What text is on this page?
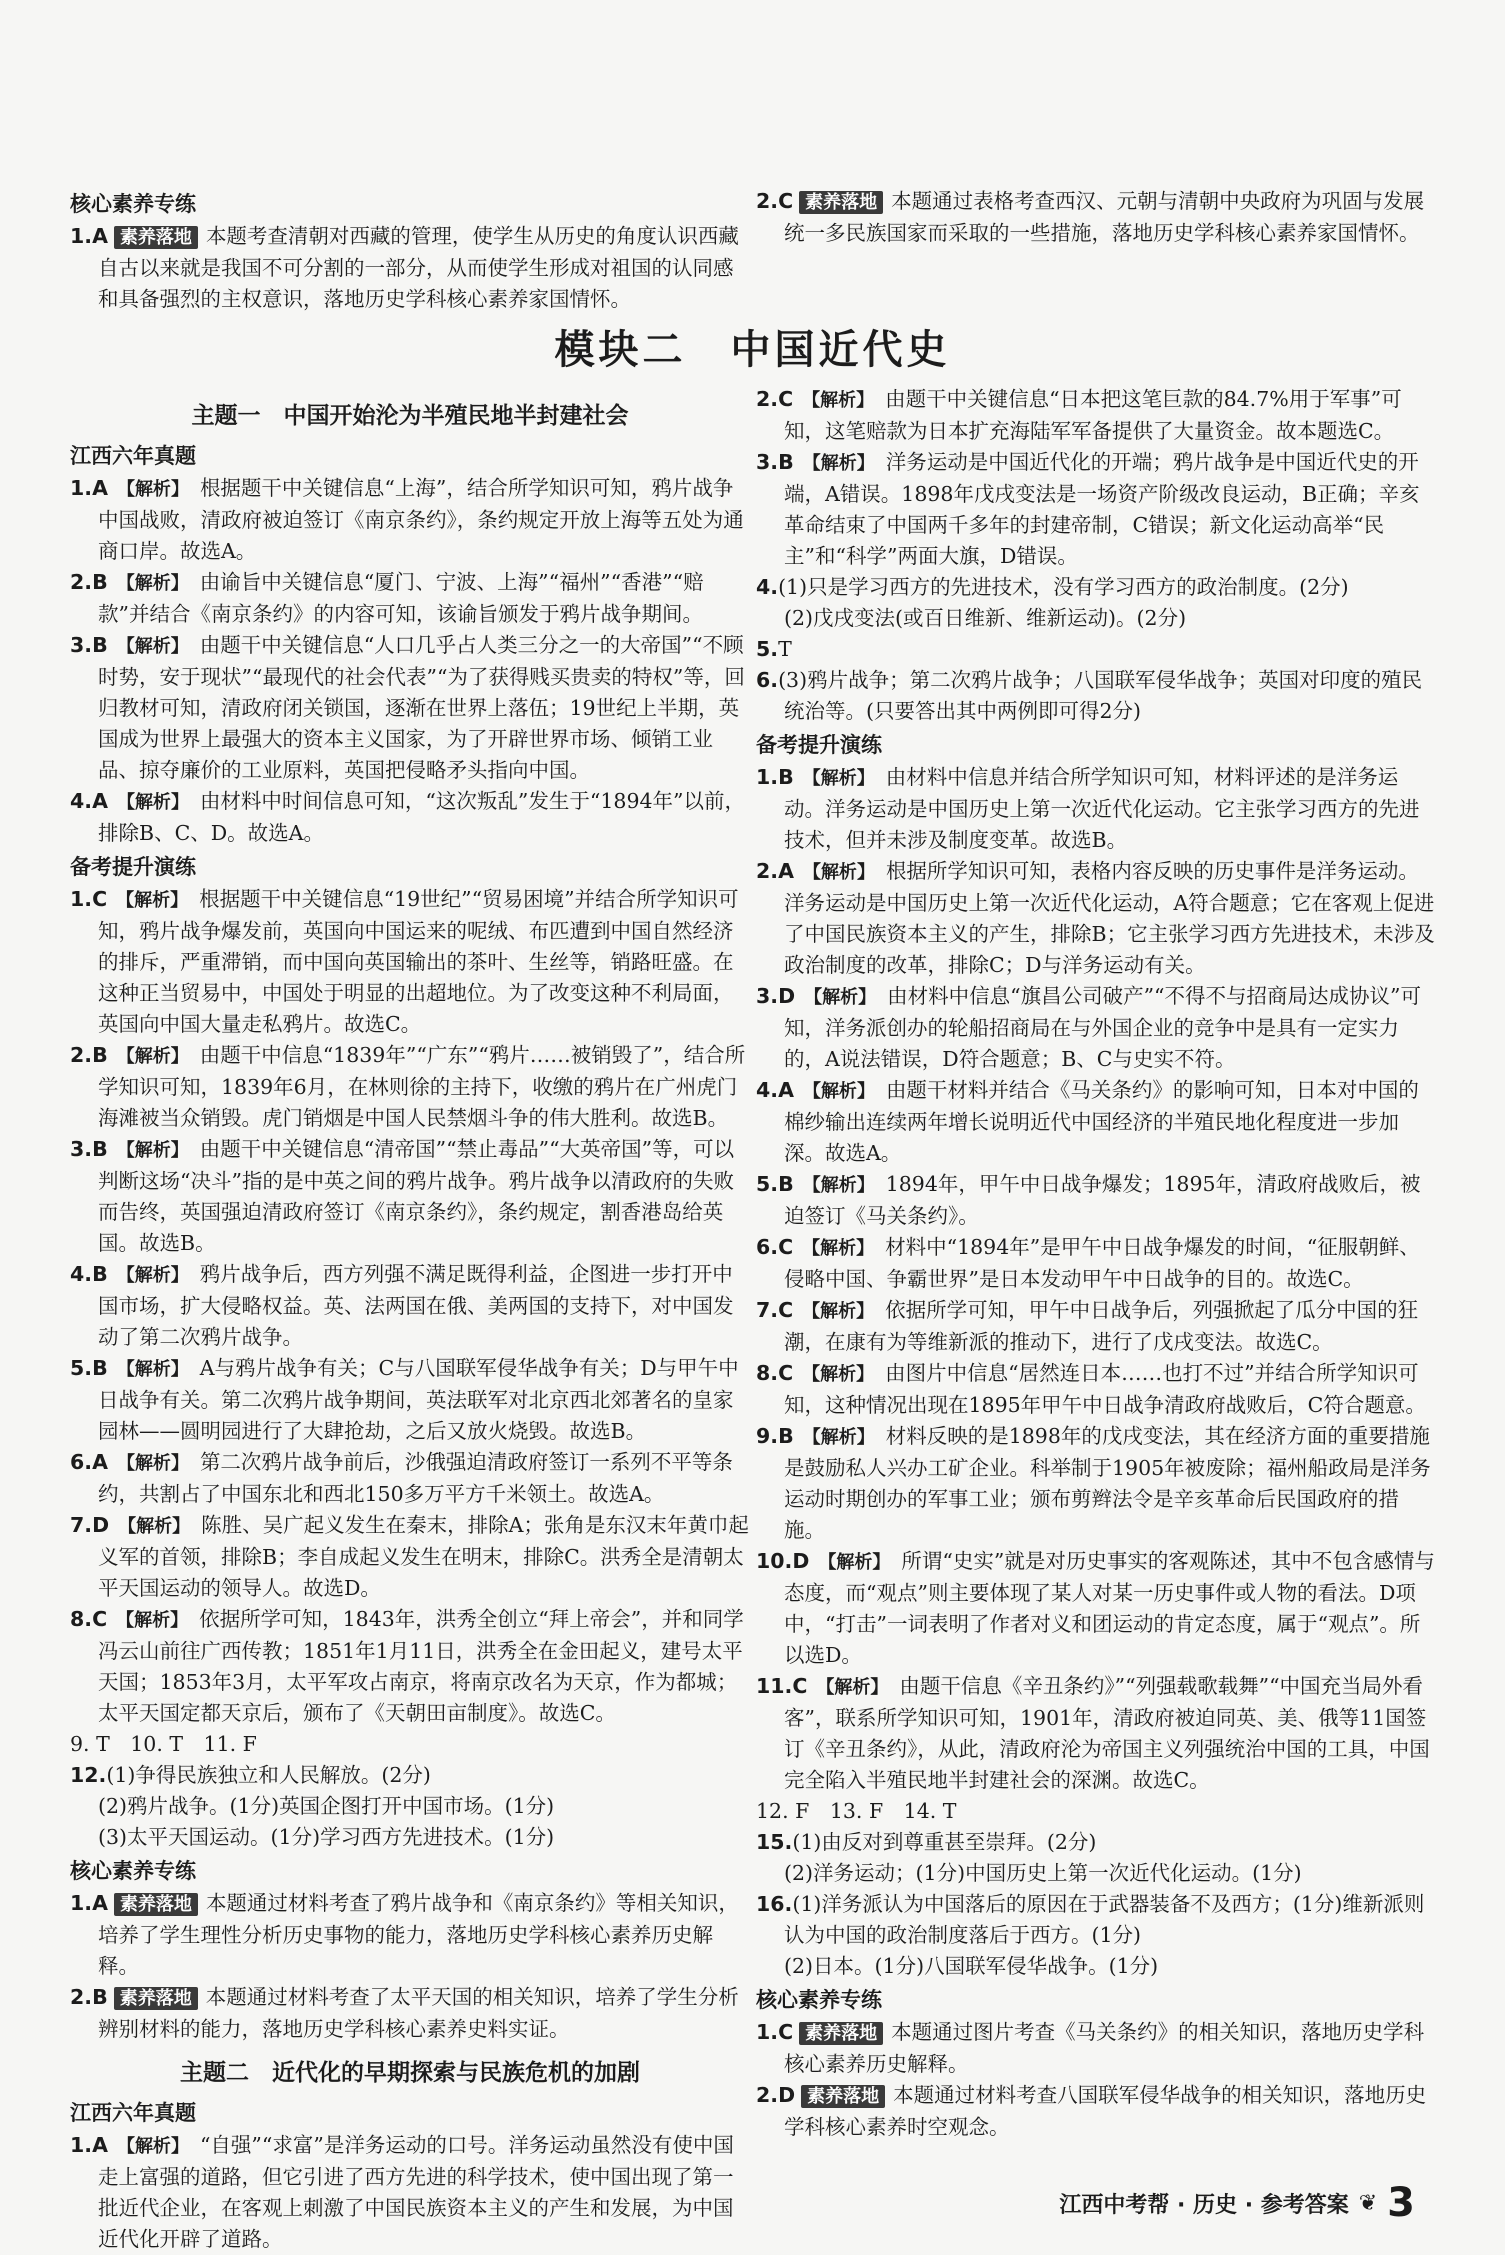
核心素养专练
1.A 素养落地 本题考查清朝对西藏的管理，使学生从历史的角度认识西藏自古以来就是我国不可分割的一部分，从而使学生形成对祖国的认同感和具备强烈的主权意识，落地历史学科核心素养家国情怀。
2.C 素养落地 本题通过表格考查西汉、元朝与清朝中央政府为巩固与发展统一多民族国家而采取的一些措施，落地历史学科核心素养家国情怀。
模块二　中国近代史
主题一　中国开始沦为半殖民地半封建社会
江西六年真题
1.A 【 解析 】 根据题干中关键信息“上海”，结合所学知识可知，鸦片战争中国战败，清政府被迫签订《南京条约》，条约规定开放上海等五处为通商口岸。故选A。
2.B 【 解析 】 由谕旨中关键信息“厦门、宁波、上海”“福州”“香港”“赔款”并结合《南京条约》的内容可知，该谕旨颁发于鸦片战争期间。
3.B 【 解析 】 由题干中关键信息“人口几乎占人类三分之一的大帝国”“不顾时势，安于现状”“最现代的社会代表”“为了获得贱买贵卖的特权”等，回归教材可知，清政府闭关锁国，逐渐在世界上落伍；19世纪上半期，英国成为世界上最强大的资本主义国家，为了开辟世界市场、倾销工业品、掠夺廉价的工业原料，英国把侵略矛头指向中国。
4.A 【 解析 】 由材料中时间信息可知，“这次叛乱”发生于“1894年”以前，排除B、C、D。故选A。
备考提升演练
1.C 【 解析 】 根据题干中关键信息“19世纪”“贸易困境”并结合所学知识可知，鸦片战争爆发前，英国向中国运来的呢绒、布匹遭到中国自然经济的排斥，严重滞销，而中国向英国输出的茶叶、生丝等，销路旺盛。在这种正当贸易中，中国处于明显的出超地位。为了改变这种不利局面，英国向中国大量走私鸦片。故选C。
2.B 【 解析 】 由题干中信息“1839年”“广东”“鸦片……被销毁了”，结合所学知识可知，1839年6月，在林则徐的主持下，收缴的鸦片在广州虎门海滩被当众销毁。虎门销烟是中国人民禁烟斗争的伟大胜利。故选B。
3.B 【 解析 】 由题干中关键信息“清帝国”“禁止毒品”“大英帝国”等，可以判断这场“决斗”指的是中英之间的鸦片战争。鸦片战争以清政府的失败而告终，英国强迫清政府签订《南京条约》，条约规定，割香港岛给英国。故选B。
4.B 【 解析 】 鸦片战争后，西方列强不满足既得利益，企图进一步打开中国市场，扩大侵略权益。英、法两国在俄、美两国的支持下，对中国发动了第二次鸦片战争。
5.B 【 解析 】 A与鸦片战争有关；C与八国联军侵华战争有关；D与甲午中日战争有关。第二次鸦片战争期间，英法联军对北京西北郊著名的皇家园林——圆明园进行了大肆抢劫，之后又放火烧毁。故选B。
6.A 【 解析 】 第二次鸦片战争前后，沙俄强迫清政府签订一系列不平等条约，共割占了中国东北和西北150多万平方千米领土。故选A。
7.D 【 解析 】 陈胜、吴广起义发生在秦末，排除A；张角是东汉末年黄巾起义军的首领，排除B；李自成起义发生在明末，排除C。洪秀全是清朝太平天国运动的领导人。故选D。
8.C 【 解析 】 依据所学可知，1843年，洪秀全创立“拜上帝会”，并和同学冯云山前往广西传教；1851年1月11日，洪秀全在金田起义，建号太平天国；1853年3月，太平军攻占南京，将南京改名为天京，作为都城；太平天国定都天京后，颁布了《天朝田亩制度》。故选C。
9. T　10. T　11. F
12.(1)争得民族独立和人民解放。(2分)
(2)鸦片战争。(1分)英国企图打开中国市场。(1分)
(3)太平天国运动。(1分)学习西方先进技术。(1分)
核心素养专练
1.A 素养落地 本题通过材料考查了鸦片战争和《南京条约》等相关知识，培养了学生理性分析历史事物的能力，落地历史学科核心素养历史解释。
2.B 素养落地 本题通过材料考查了太平天国的相关知识，培养了学生分析辨别材料的能力，落地历史学科核心素养史料实证。
主题二　近代化的早期探索与民族危机的加剧
江西六年真题
1.A 【 解析 】 “自强”“求富”是洋务运动的口号。洋务运动虽然没有使中国走上富强的道路，但它引进了西方先进的科学技术，使中国出现了第一批近代企业，在客观上刺激了中国民族资本主义的产生和发展，为中国近代化开辟了道路。
2.C 【 解析 】 由题干中关键信息“日本把这笔巨款的84.7%用于军事”可知，这笔赔款为日本扩充海陆军军备提供了大量资金。故本题选C。
3.B 【 解析 】 洋务运动是中国近代化的开端；鸦片战争是中国近代史的开端，A错误。1898年戊戌变法是一场资产阶级改良运动，B正确；辛亥革命结束了中国两千多年的封建帝制，C错误；新文化运动高举“民主”和“科学”两面大旗，D错误。
4.(1)只是学习西方的先进技术，没有学习西方的政治制度。(2分)
(2)戊戌变法(或百日维新、维新运动)。(2分)
5.T
6.(3)鸦片战争；第二次鸦片战争；八国联军侵华战争；英国对印度的殖民统治等。(只要答出其中两例即可得2分)
备考提升演练
1.B 【 解析 】 由材料中信息并结合所学知识可知，材料评述的是洋务运动。洋务运动是中国历史上第一次近代化运动。它主张学习西方的先进技术，但并未涉及制度变革。故选B。
2.A 【 解析 】 根据所学知识可知，表格内容反映的历史事件是洋务运动。洋务运动是中国历史上第一次近代化运动，A符合题意；它在客观上促进了中国民族资本主义的产生，排除B；它主张学习西方先进技术，未涉及政治制度的改革，排除C；D与洋务运动有关。
3.D 【 解析 】 由材料中信息“旗昌公司破产”“不得不与招商局达成协议”可知，洋务派创办的轮船招商局在与外国企业的竞争中是具有一定实力的，A说法错误，D符合题意；B、C与史实不符。
4.A 【 解析 】 由题干材料并结合《马关条约》的影响可知，日本对中国的棉纱输出连续两年增长说明近代中国经济的半殖民地化程度进一步加深。故选A。
5.B 【 解析 】 1894年，甲午中日战争爆发；1895年，清政府战败后，被迫签订《马关条约》。
6.C 【 解析 】 材料中“1894年”是甲午中日战争爆发的时间，“征服朝鲜、侵略中国、争霸世界”是日本发动甲午中日战争的目的。故选C。
7.C 【 解析 】 依据所学可知，甲午中日战争后，列强掀起了瓜分中国的狂潮，在康有为等维新派的推动下，进行了戊戌变法。故选C。
8.C 【 解析 】 由图片中信息“居然连日本……也打不过”并结合所学知识可知，这种情况出现在1895年甲午中日战争清政府战败后，C符合题意。
9.B 【 解析 】 材料反映的是1898年的戊戌变法，其在经济方面的重要措施是鼓励私人兴办工矿企业。科举制于1905年被废除；福州船政局是洋务运动时期创办的军事工业；颁布剪辫法令是辛亥革命后民国政府的措施。
10.D 【 解析 】 所谓“史实”就是对历史事实的客观陈述，其中不包含感情与态度，而“观点”则主要体现了某人对某一历史事件或人物的看法。D项中，“打击”一词表明了作者对义和团运动的肯定态度，属于“观点”。所以选D。
11.C 【 解析 】 由题干信息《辛丑条约》”“列强载歌载舞”“中国充当局外看客”，联系所学知识可知，1901年，清政府被迫同英、美、俄等11国签订《辛丑条约》，从此，清政府沦为帝国主义列强统治中国的工具，中国完全陷入半殖民地半封建社会的深渊。故选C。
12. F　13. F　14. T
15.(1)由反对到尊重甚至崇拜。(2分)
(2)洋务运动；(1分)中国历史上第一次近代化运动。(1分)
16.(1)洋务派认为中国落后的原因在于武器装备不及西方；(1分)维新派则认为中国的政治制度落后于西方。(1分)
(2)日本。(1分)八国联军侵华战争。(1分)
核心素养专练
1.C 素养落地 本题通过图片考查《马关条约》的相关知识，落地历史学科核心素养历史解释。
2.D 素养落地 本题通过材料考查八国联军侵华战争的相关知识，落地历史学科核心素养时空观念。
江西中考帮 · 历史 · 参考答案 ❦ 3
